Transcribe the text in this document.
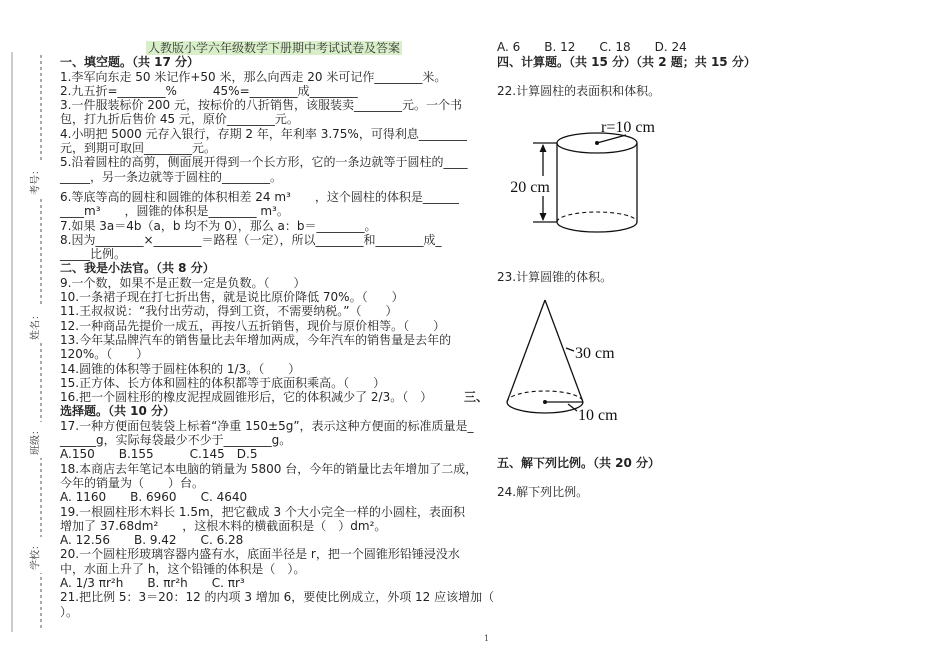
考号：
姓名：
班级：
学校：
人教版小学六年级数学下册期中考试试卷及答案
一、填空题。（共 17 分）
1.李军向东走 50 米记作+50 米，那么向西走 20 米可记作________米。
2.九五折=________%　　　45%=________成________
3.一件服装标价 200 元，按标价的八折销售，该服装卖________元。一个书
包，打九折后售价 45 元，原价________元。
4.小明把 5000 元存入银行，存期 2 年，年利率 3.75%，可得利息________
元，到期可取回________元。
5.沿着圆柱的高剪，侧面展开得到一个长方形，它的一条边就等于圆柱的____
_____，另一条边就等于圆柱的________。
6.等底等高的圆柱和圆锥的体积相差 24 m³　　，这个圆柱的体积是______
____m³　　，圆锥的体积是________ m³。
7.如果 3a＝4b（a，b 均不为 0），那么 a：b＝________。
8.因为________×________＝路程（一定），所以________和________成_
_____比例。
二、我是小法官。（共 8 分）
9.一个数，如果不是正数一定是负数。（　　）
10.一条裙子现在打七折出售，就是说比原价降低 70%。（　　）
11.王叔叔说：“我付出劳动，得到工资，不需要纳税。”（　　）
12.一种商品先提价一成五，再按八五折销售，现价与原价相等。（　　）
13.今年某品牌汽车的销售量比去年增加两成，今年汽车的销售量是去年的
120%。（　　）
14.圆锥的体积等于圆柱体积的 1/3。（　　）
15.正方体、长方体和圆柱的体积都等于底面积乘高。（　　）
16.把一个圆柱形的橡皮泥捏成圆锥形后，它的体积减少了 2/3。（　）	三、
选择题。（共 10 分）
17.一种方便面包装袋上标着“净重 150±5g”，表示这种方便面的标准质量是_
______g，实际每袋最少不少于________g。
A.150　　B.155　　　C.145　D.5
18.本商店去年笔记本电脑的销量为 5800 台，今年的销量比去年增加了二成，
今年的销量为（　　）台。
A. 1160　　B. 6960　　C. 4640
19.一根圆柱形木料长 1.5m，把它截成 3 个大小完全一样的小圆柱，表面积
增加了 37.68dm²　　，这根木料的横截面积是（　）dm²。
A. 12.56　　B. 9.42　　C. 6.28
20.一个圆柱形玻璃容器内盛有水，底面半径是 r，把一个圆锥形铅锤浸没水
中，水面上升了 h，这个铅锤的体积是（　）。
A. 1/3 πr²h　　B. πr²h　　C. πr³
21.把比例 5：3＝20：12 的内项 3 增加 6，要使比例成立，外项 12 应该增加（
）。
A. 6　　B. 12　　C. 18　　D. 24
四、计算题。（共 15 分）（共 2 题；共 15 分）
22.计算圆柱的表面积和体积。
20 cm
r=10 cm
23.计算圆锥的体积。
30 cm
10 cm
五、解下列比例。（共 20 分）
24.解下列比例。
1
